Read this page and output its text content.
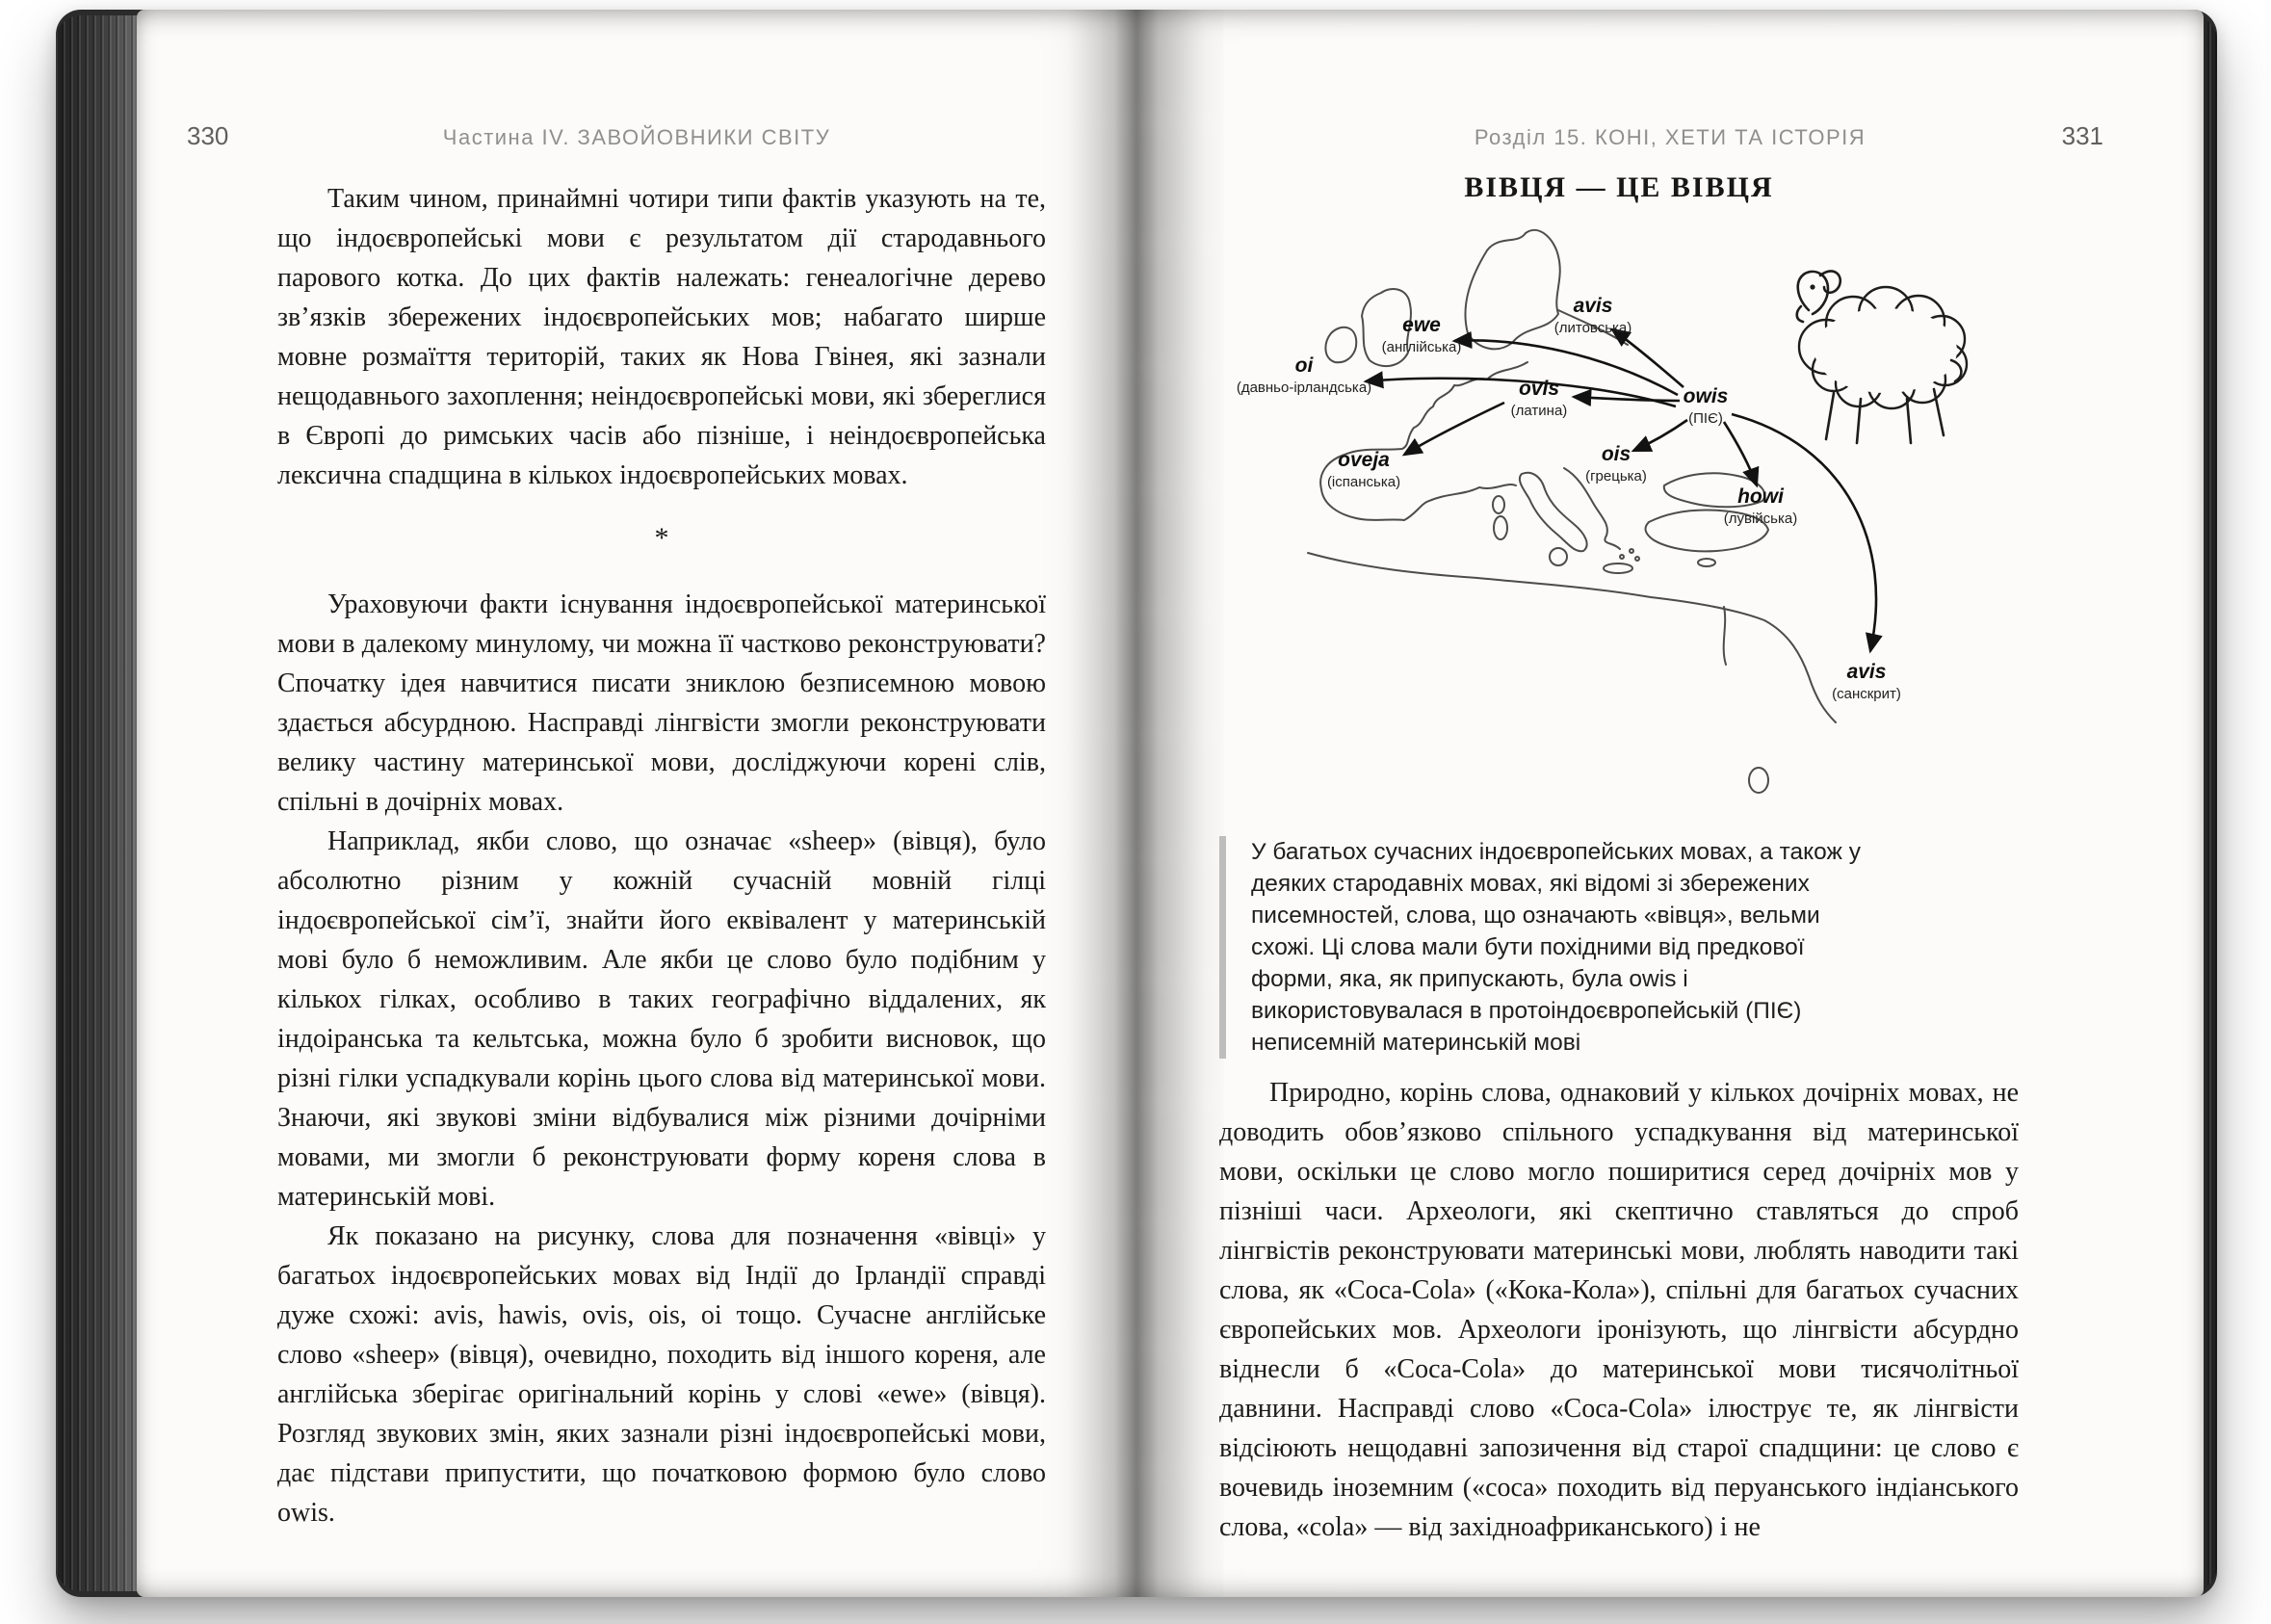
330	Частина IV. ЗАВОЙОВНИКИ СВІТУ

Таким чином, принаймні чотири типи фактів указують на те, що індоєвропейські мови є результатом дії стародавнього парового котка. До цих фактів належать: генеалогічне дерево зв’язків збережених індоєвропейських мов; набагато ширше мовне розмаїття територій, таких як Нова Гвінея, які зазнали нещодавнього захоплення; неіндоєвропейські мови, які збереглися в Європі до римських часів або пізніше, і неіндоєвропейська лексична спадщина в кількох індоєвропейських мовах.

*

Ураховуючи факти існування індоєвропейської материнської мови в далекому минулому, чи можна її частково реконструювати? Спочатку ідея навчитися писати зниклою безписемною мовою здається абсурдною. Насправді лінгвісти змогли реконструювати велику частину материнської мови, досліджуючи корені слів, спільні в дочірніх мовах.

Наприклад, якби слово, що означає «sheep» (вівця), було абсолютно різним у кожній сучасній мовній гілці індоєвропейської сім’ї, знайти його еквівалент у материнській мові було б неможливим. Але якби це слово було подібним у кількох гілках, особливо в таких географічно віддалених, як індоіранська та кельтська, можна було б зробити висновок, що різні гілки успадкували корінь цього слова від материнської мови. Знаючи, які звукові зміни відбувалися між різними дочірніми мовами, ми змогли б реконструювати форму кореня слова в материнській мові.

Як показано на рисунку, слова для позначення «вівці» у багатьох індоєвропейських мовах від Індії до Ірландії справді дуже схожі: avis, hawis, ovis, ois, oi тощо. Сучасне англійське слово «sheep» (вівця), очевидно, походить від іншого кореня, але англійська зберігає оригінальний корінь у слові «ewe» (вівця). Розгляд звукових змін, яких зазнали різні індоєвропейські мови, дає підстави припустити, що початковою формою було слово owis.

331
Розділ 15. КОНІ, ХЕТИ ТА ІСТОРІЯ
ВІВЦЯ — ЦЕ ВІВЦЯ
ewe
(англійська)
oi
(давньо-ірландська)
avis
(литовська)
owis
(ПІЄ)
ovis
(латина)
ois
(грецька)
oveja
(іспанська)
howi
(лувійська)
avis
(санскрит)
У багатьох сучасних індоєвропейських мовах, а також у деяких стародавніх мовах, які відомі зі збережених писемностей, слова, що означають «вівця», вельми схожі. Ці слова мали бути похідними від предкової форми, яка, як припускають, була owis і використовувалася в протоіндоєвропейській (ПІЄ) неписемній материнській мові

Природно, корінь слова, однаковий у кількох дочірніх мовах, не доводить обов’язково спільного успадкування від материнської мови, оскільки це слово могло поширитися серед дочірніх мов у пізніші часи. Археологи, які скептично ставляться до спроб лінгвістів реконструювати материнські мови, люблять наводити такі слова, як «Coca-Cola» («Кока-Кола»), спільні для багатьох сучасних європейських мов. Археологи іронізують, що лінгвісти абсурдно віднесли б «Coca-Cola» до материнської мови тисячолітньої давнини. Насправді слово «Coca-Cola» ілюструє те, як лінгвісти відсіюють нещодавні запозичення від старої спадщини: це слово є вочевидь іноземним («coca» походить від перуанського індіанського слова, «cola» — від західноафриканського) і не
